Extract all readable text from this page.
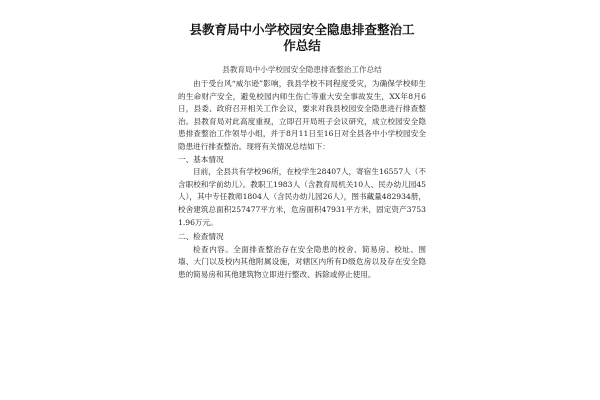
县教育局中小学校园安全隐患排查整治工
作总结

县教育局中小学校园安全隐患排查整治工作总结

由于受台风“威尔逊”影响，我县学校不同程度受灾，为确保学校师生的生命财产安全，避免校园内师生伤亡等重大安全事故发生，XX年8月6日，县委、政府召开相关工作会议，要求对我县校园安全隐患进行排查整治。县教育局对此高度重视，立即召开局班子会议研究，成立校园安全隐患排查整治工作领导小组，并于8月11日至16日对全县各中小学校园安全隐患进行排查整治。现将有关情况总结如下：

一、基本情况

目前，全县共有学校96所，在校学生28407人，寄宿生16557人（不含职校和学前幼儿）。教职工1983人（含教育局机关10人、民办幼儿园45人），其中专任教师1804人（含民办幼儿园26人），图书藏量482934册，校舍建筑总面积257477平方米，危房面积47931平方米，固定资产37531.96万元。

二、检查情况

检查内容。全面排查整治存在安全隐患的校舍、简易房、校址、围墙、大门以及校内其他附属设施，对辖区内所有D级危房以及存在安全隐患的简易房和其他建筑物立即进行整改、拆除或停止使用。
